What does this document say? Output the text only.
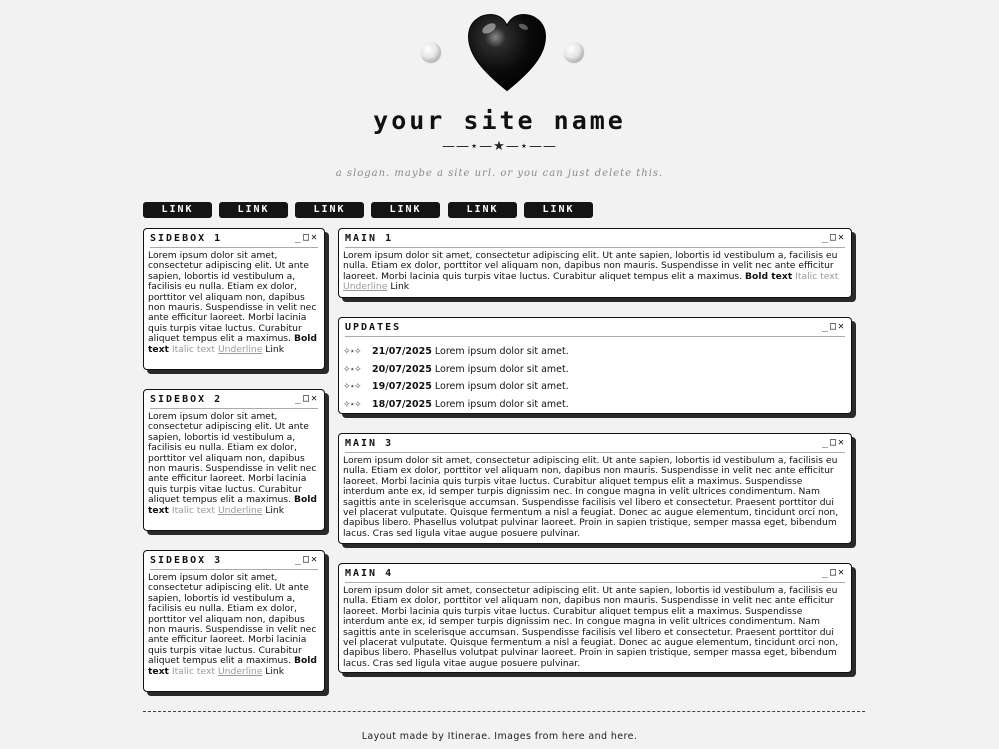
your site name
——⋆—★—⋆——
a slogan. maybe a site url. or you can just delete this.
LINK	LINK	LINK	LINK	LINK	LINK
SIDEBOX 1	_□✕
Lorem ipsum dolor sit amet, consectetur adipiscing elit. Ut ante sapien, lobortis id vestibulum a, facilisis eu nulla. Etiam ex dolor, porttitor vel aliquam non, dapibus non mauris. Suspendisse in velit nec ante efficitur laoreet. Morbi lacinia quis turpis vitae luctus. Curabitur aliquet tempus elit a maximus. Bold text Italic text Underline Link
SIDEBOX 2	_□✕
Lorem ipsum dolor sit amet, consectetur adipiscing elit. Ut ante sapien, lobortis id vestibulum a, facilisis eu nulla. Etiam ex dolor, porttitor vel aliquam non, dapibus non mauris. Suspendisse in velit nec ante efficitur laoreet. Morbi lacinia quis turpis vitae luctus. Curabitur aliquet tempus elit a maximus. Bold text Italic text Underline Link
SIDEBOX 3	_□✕
Lorem ipsum dolor sit amet, consectetur adipiscing elit. Ut ante sapien, lobortis id vestibulum a, facilisis eu nulla. Etiam ex dolor, porttitor vel aliquam non, dapibus non mauris. Suspendisse in velit nec ante efficitur laoreet. Morbi lacinia quis turpis vitae luctus. Curabitur aliquet tempus elit a maximus. Bold text Italic text Underline Link
MAIN 1	_□✕
Lorem ipsum dolor sit amet, consectetur adipiscing elit. Ut ante sapien, lobortis id vestibulum a, facilisis eu nulla. Etiam ex dolor, porttitor vel aliquam non, dapibus non mauris. Suspendisse in velit nec ante efficitur laoreet. Morbi lacinia quis turpis vitae luctus. Curabitur aliquet tempus elit a maximus. Bold text Italic text Underline Link
UPDATES	_□✕
✧⋆✧ 21/07/2025 Lorem ipsum dolor sit amet.
✧⋆✧ 20/07/2025 Lorem ipsum dolor sit amet.
✧⋆✧ 19/07/2025 Lorem ipsum dolor sit amet.
✧⋆✧ 18/07/2025 Lorem ipsum dolor sit amet.
MAIN 3	_□✕
Lorem ipsum dolor sit amet, consectetur adipiscing elit. Ut ante sapien, lobortis id vestibulum a, facilisis eu nulla. Etiam ex dolor, porttitor vel aliquam non, dapibus non mauris. Suspendisse in velit nec ante efficitur laoreet. Morbi lacinia quis turpis vitae luctus. Curabitur aliquet tempus elit a maximus. Suspendisse interdum ante ex, id semper turpis dignissim nec. In congue magna in velit ultrices condimentum. Nam sagittis ante in scelerisque accumsan. Suspendisse facilisis vel libero et consectetur. Praesent porttitor dui vel placerat vulputate. Quisque fermentum a nisl a feugiat. Donec ac augue elementum, tincidunt orci non, dapibus libero. Phasellus volutpat pulvinar laoreet. Proin in sapien tristique, semper massa eget, bibendum lacus. Cras sed ligula vitae augue posuere pulvinar.
MAIN 4	_□✕
Lorem ipsum dolor sit amet, consectetur adipiscing elit. Ut ante sapien, lobortis id vestibulum a, facilisis eu nulla. Etiam ex dolor, porttitor vel aliquam non, dapibus non mauris. Suspendisse in velit nec ante efficitur laoreet. Morbi lacinia quis turpis vitae luctus. Curabitur aliquet tempus elit a maximus. Suspendisse interdum ante ex, id semper turpis dignissim nec. In congue magna in velit ultrices condimentum. Nam sagittis ante in scelerisque accumsan. Suspendisse facilisis vel libero et consectetur. Praesent porttitor dui vel placerat vulputate. Quisque fermentum a nisl a feugiat. Donec ac augue elementum, tincidunt orci non, dapibus libero. Phasellus volutpat pulvinar laoreet. Proin in sapien tristique, semper massa eget, bibendum lacus. Cras sed ligula vitae augue posuere pulvinar.
Layout made by Itinerae. Images from here and here.
